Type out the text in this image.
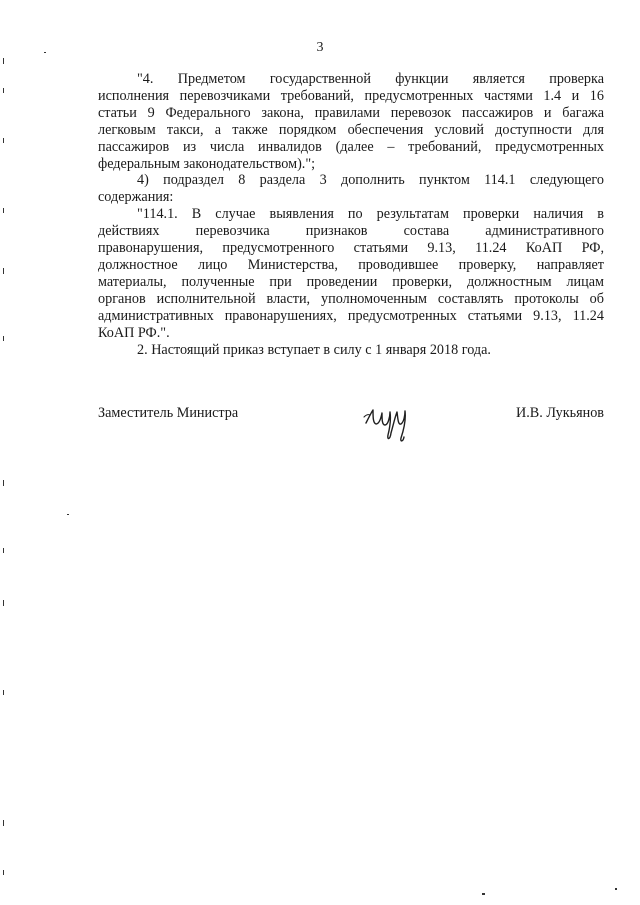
3
"4. Предметом государственной функции является проверка
исполнения перевозчиками требований, предусмотренных частями 1.4 и 16
статьи 9 Федерального закона, правилами перевозок пассажиров и багажа
легковым такси, а также порядком обеспечения условий доступности для
пассажиров из числа инвалидов (далее – требований, предусмотренных
федеральным законодательством).";
4) подраздел 8 раздела 3 дополнить пунктом 114.1 следующего
содержания:
"114.1. В случае выявления по результатам проверки наличия в
действиях перевозчика признаков состава административного
правонарушения, предусмотренного статьями 9.13, 11.24 КоАП РФ,
должностное лицо Министерства, проводившее проверку, направляет
материалы, полученные при проведении проверки, должностным лицам
органов исполнительной власти, уполномоченным составлять протоколы об
административных правонарушениях, предусмотренных статьями 9.13, 11.24
КоАП РФ.".
2. Настоящий приказ вступает в силу с 1 января 2018 года.
Заместитель Министра	И.В. Лукьянов
